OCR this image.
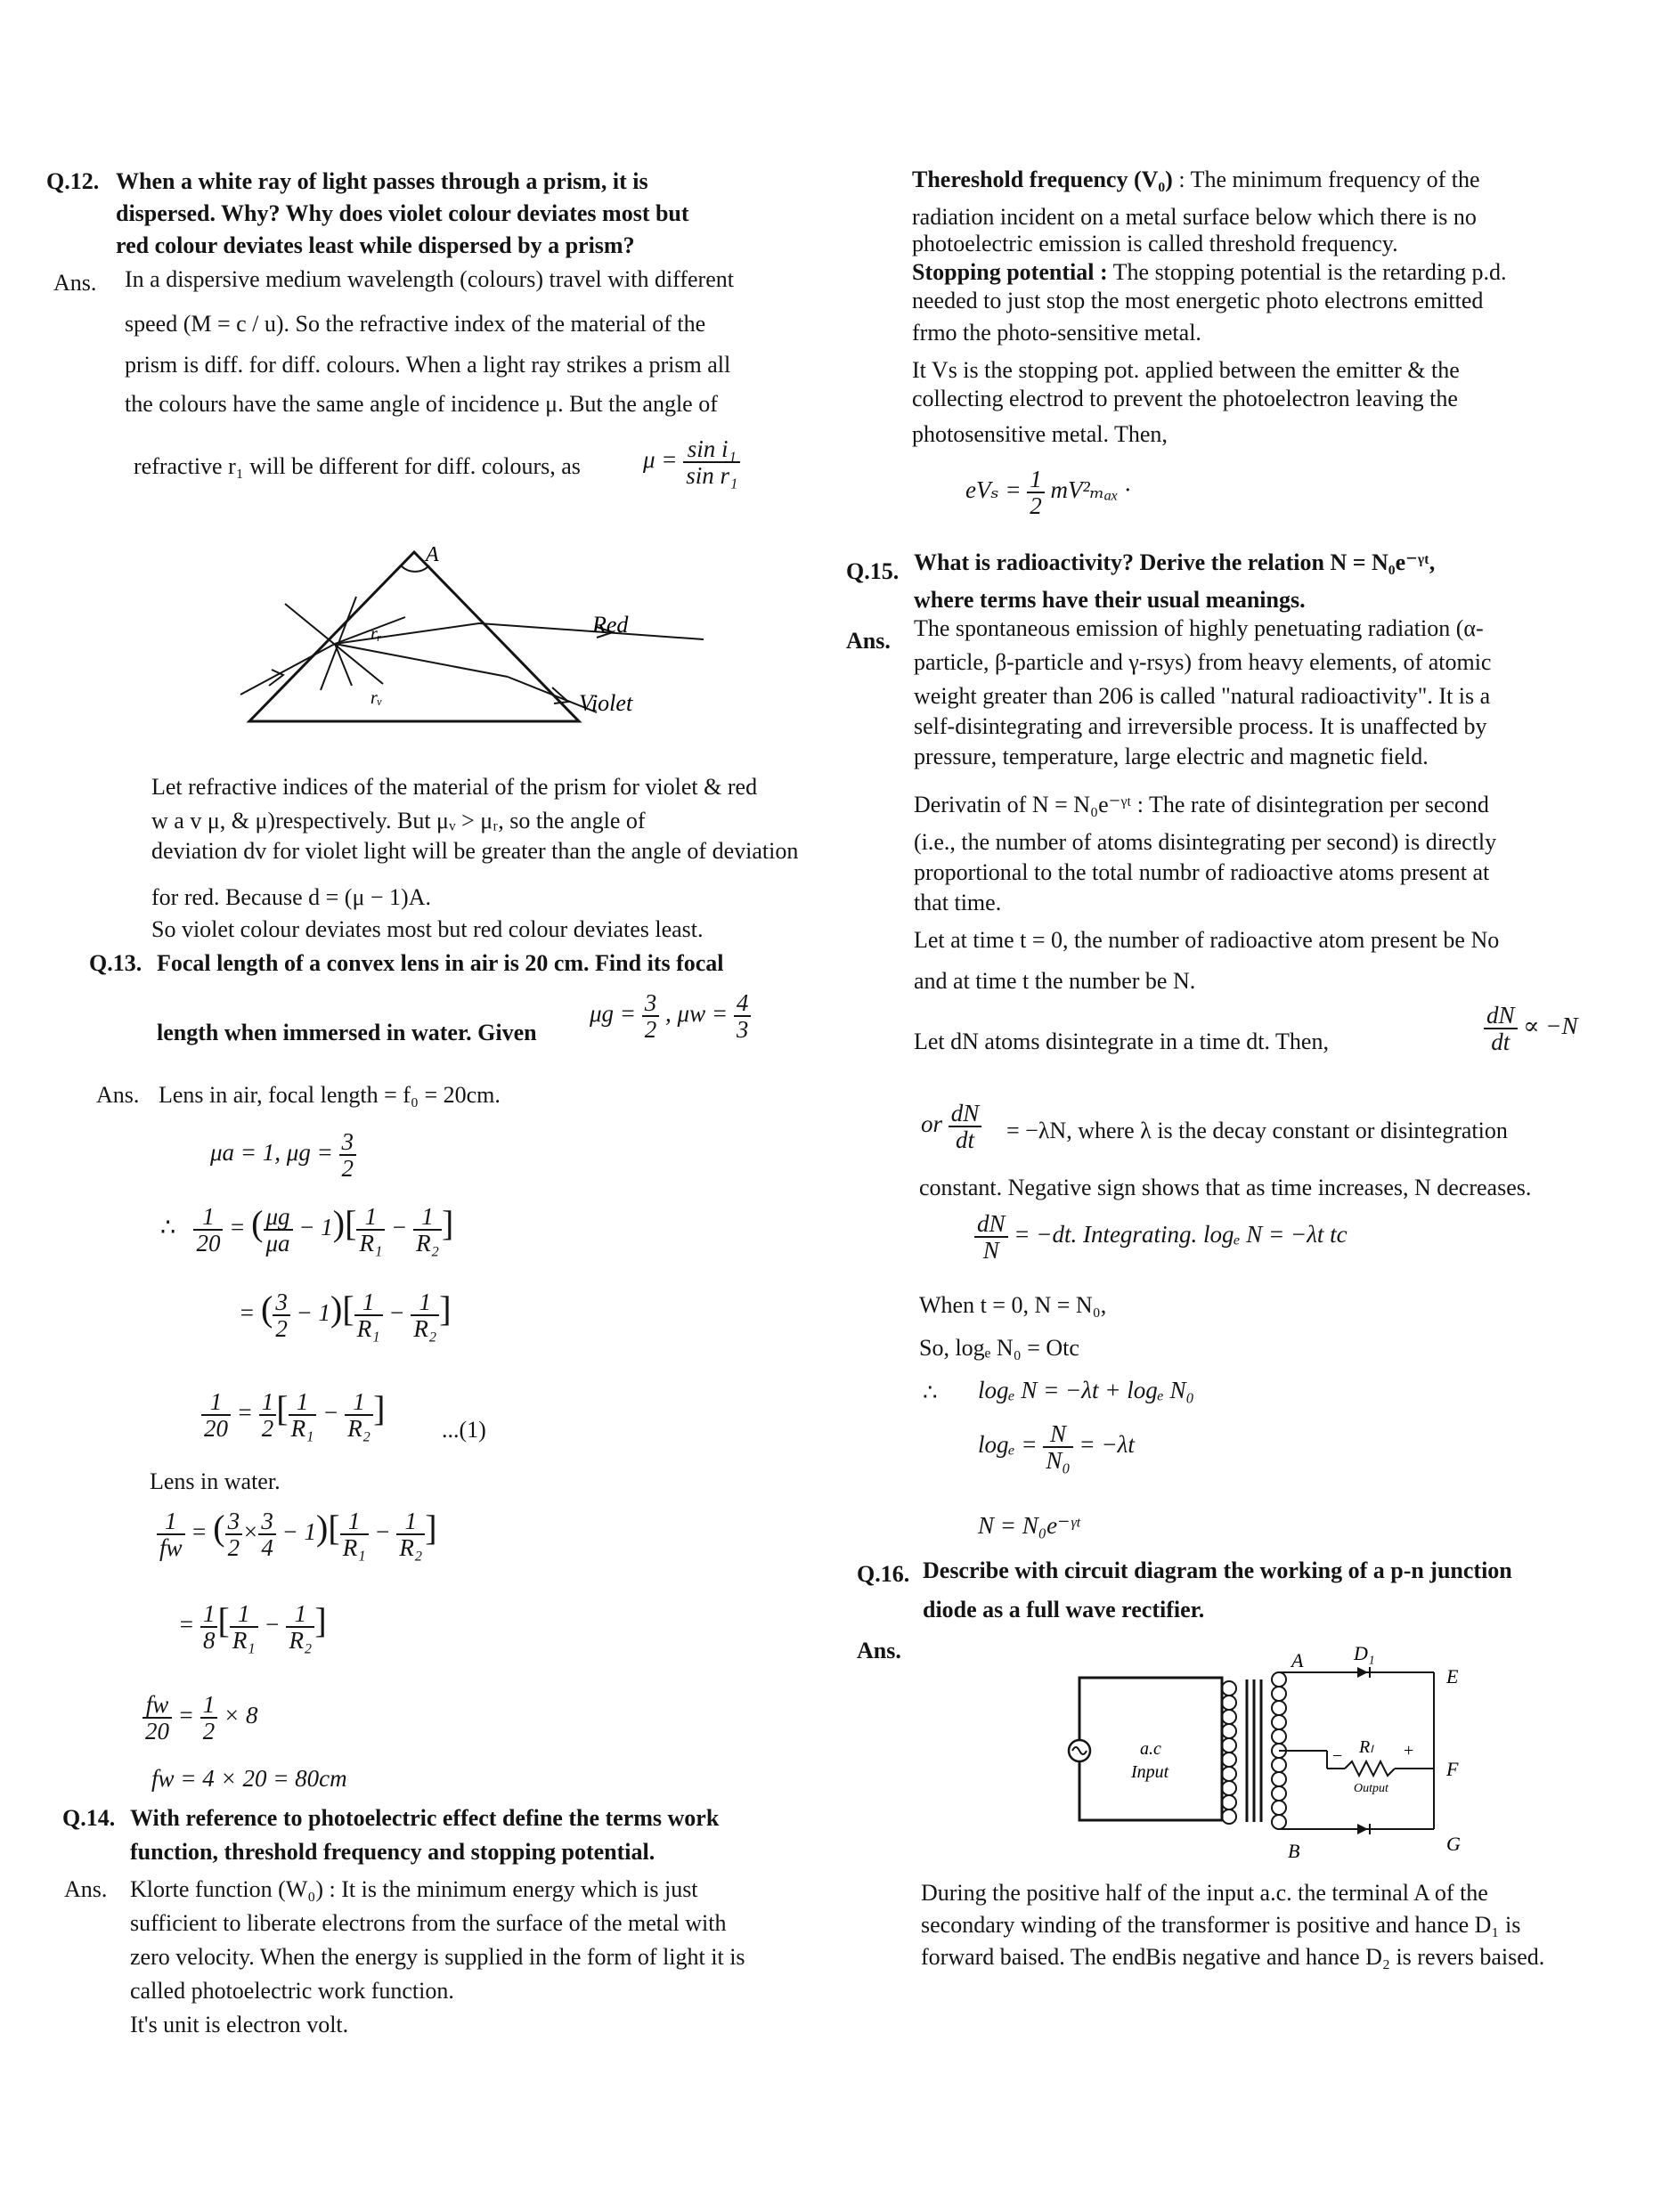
Q.12. When a white ray of light passes through a prism, it is
dispersed. Why? Why does violet colour deviates most but
red colour deviates least while dispersed by a prism?
Ans. In a dispersive medium wavelength (colours) travel with different
speed (M = c / u). So the refractive index of the material of the
prism is diff. for diff. colours. When a light ray strikes a prism all
the colours have the same angle of incidence μ. But the angle of
refractive r₁ will be different for diff. colours, as	$\mu = \frac{\text{sin i₁}}{\text{sin r₁}}$
A
rᵣ
rᵥ
Red
Violet
Let refractive indices of the material of the prism for violet & red
w a v μ, & μ)respectively. But μᵥ > μᵣ, so the angle of
deviation dv for violet light will be greater than the angle of deviation
for red. Because d = (μ − 1)A.
So violet colour deviates most but red colour deviates least.
Q.13. Focal length of a convex lens in air is 20 cm. Find its focal
length when immersed in water. Given
$\mu g = \frac{3}{2}$ , $\mu w = \frac{4}{3}$
Ans. Lens in air, focal length = f₀ = 20cm.
μa = 1, $\mu g = \frac{3}{2}$
∴ $\frac{1}{20}$ = ( $\frac{\mu g}{\mu a} - 1)[ \frac{1}{\text{R₁}} - \frac{1}{\text{R₂}}$ ]
= ( $\frac{3}{2} - 1)[ \frac{1}{\text{R₁}} - \frac{1}{\text{R₂}}$ ]
$\frac{1}{20} = \frac{1}{2}$ [ $\frac{1}{\text{R₁}} - \frac{1}{\text{R₂}}$ ]
...(1)
Lens in water.
$\frac{1}{fw}$ = ( $\frac{3}{2} \times \frac{3}{4} - 1)[ \frac{1}{\text{R₁}} - \frac{1}{\text{R₂}}$ ]
= $\frac{1}{8}$ [ $\frac{1}{\text{R₁}} - \frac{1}{\text{R₂}}$ ]
$\frac{fw}{20} = \frac{1}{2} \times 8$
fw = 4 × 20 = 80cm
Q.14. With reference to photoelectric effect define the terms work
function, threshold frequency and stopping potential.
Ans. Klorte function (W₀) : It is the minimum energy which is just
sufficient to liberate electrons from the surface of the metal with
zero velocity. When the energy is supplied in the form of light it is
called photoelectric work function.
It's unit is electron volt.
Thereshold frequency (V₀) : The minimum frequency of the
radiation incident on a metal surface below which there is no
photoelectric emission is called threshold frequency.
Stopping potential : The stopping potential is the retarding p.d.
needed to just stop the most energetic photo electrons emitted
frmo the photo-sensitive metal.
It Vs is the stopping pot. applied between the emitter & the
collecting electrod to prevent the photoelectron leaving the
photosensitive metal. Then,
$eV_s = \frac{1}{2} mV^2_{max}$ ·
Q.15. What is radioactivity? Derive the relation N = N₀e⁻ᵞᵗ,
where terms have their usual meanings.
Ans. The spontaneous emission of highly penetuating radiation (α-
particle, β-particle and γ-rsys) from heavy elements, of atomic
weight greater than 206 is called "natural radioactivity". It is a
self-disintegrating and irreversible process. It is unaffected by
pressure, temperature, large electric and magnetic field.
Derivatin of N = N₀e⁻ᵞᵗ : The rate of disintegration per second
(i.e., the number of atoms disintegrating per second) is directly
proportional to the total numbr of radioactive atoms present at
that time.
Let at time t = 0, the number of radioactive atom present be No
and at time t the number be N.
Let dN atoms disintegrate in a time dt. Then,	$\frac{dN}{dt} \propto -N$
or $\frac{dN}{dt} = -\lambda N$, where λ is the decay constant or disintegration
constant. Negative sign shows that as time increases, N decreases.
$\frac{dN}{N} = -dt$. Integrating. logₑ N = −λt tc
When t = 0, N = N₀,
So, logₑ N₀ = Otc
∴ logₑ N = −λt + logₑ N₀
$\log_e = \frac{N}{\text{N₀}} = -\lambda t$
N = N₀e⁻ᵞᵗ
Q.16. Describe with circuit diagram the working of a p-n junction
diode as a full wave rectifier.
Ans.
a.c
Input
A
B
D₁
E
F
G
Rₗ +
−
Output
During the positive half of the input a.c. the terminal A of the
secondary winding of the transformer is positive and hance D₁ is
forward baised. The endBis negative and hance D₂ is revers baised.
